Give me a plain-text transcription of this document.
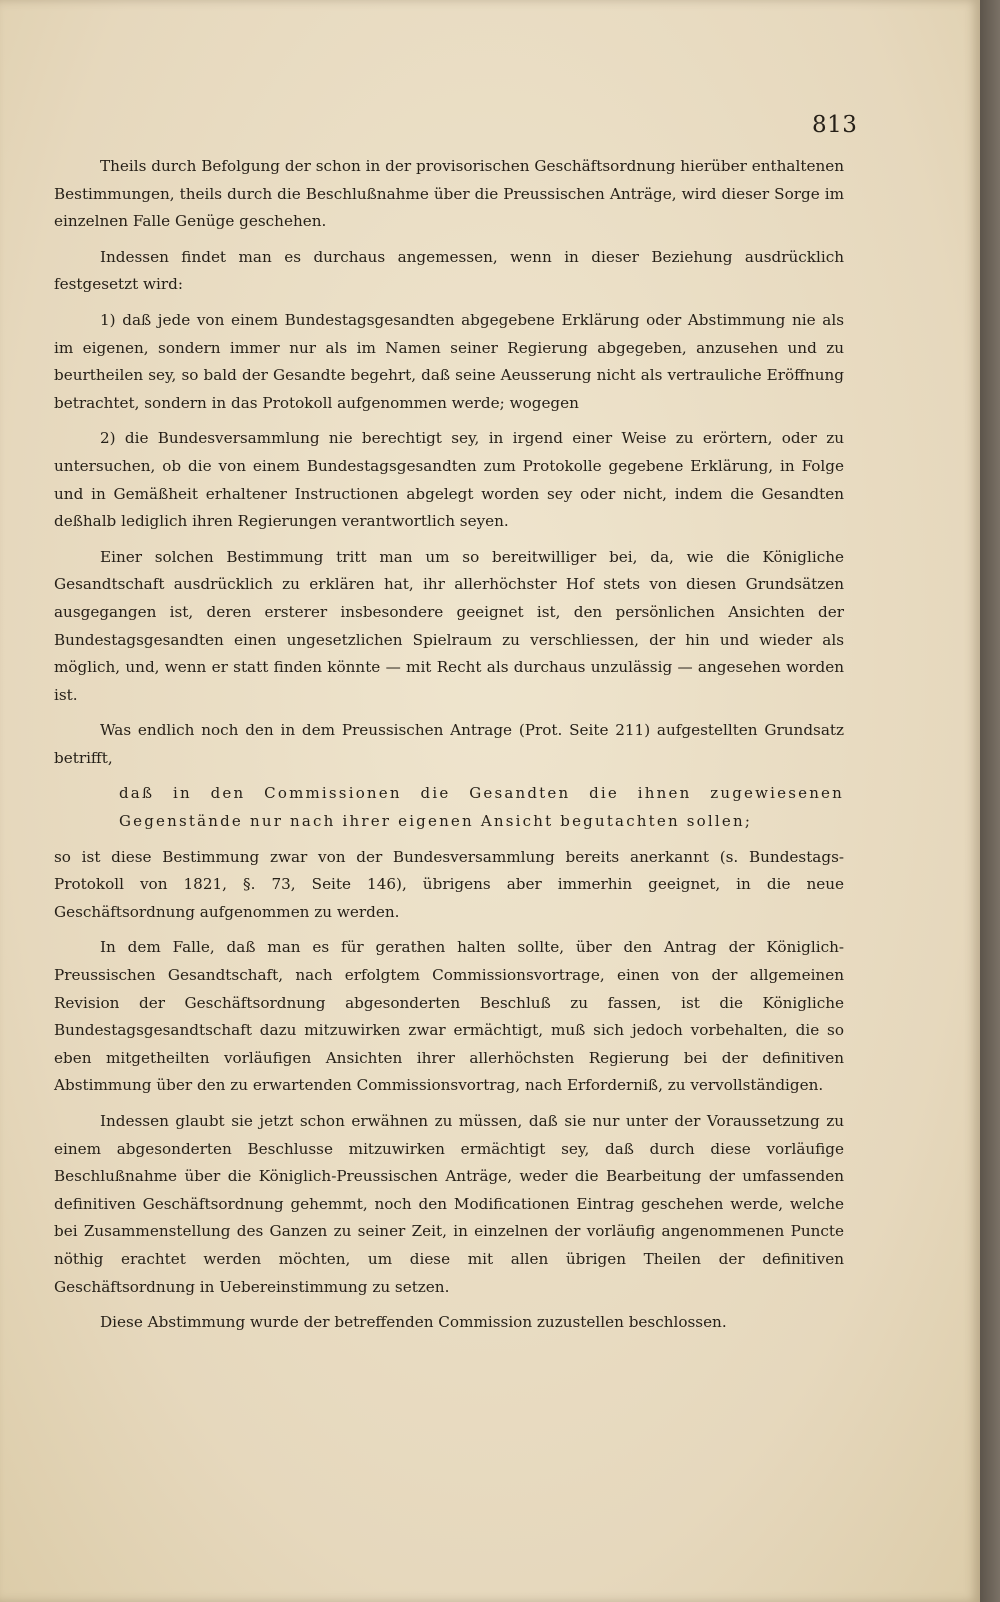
813

Theils durch Befolgung der schon in der provisorischen Geschäftsordnung hierüber enthaltenen Bestimmungen, theils durch die Beschlußnahme über die Preussischen Anträge, wird dieser Sorge im einzelnen Falle Genüge geschehen.

Indessen findet man es durchaus angemessen, wenn in dieser Beziehung ausdrücklich festgesetzt wird:

1) daß jede von einem Bundestagsgesandten abgegebene Erklärung oder Abstimmung nie als im eigenen, sondern immer nur als im Namen seiner Regierung abgegeben, anzusehen und zu beurtheilen sey, so bald der Gesandte begehrt, daß seine Aeusserung nicht als vertrauliche Eröffnung betrachtet, sondern in das Protokoll aufgenommen werde; wogegen

2) die Bundesversammlung nie berechtigt sey, in irgend einer Weise zu erörtern, oder zu untersuchen, ob die von einem Bundestagsgesandten zum Protokolle gegebene Erklärung, in Folge und in Gemäßheit erhaltener Instructionen abgelegt worden sey oder nicht, indem die Gesandten deßhalb lediglich ihren Regierungen verantwortlich seyen.

Einer solchen Bestimmung tritt man um so bereitwilliger bei, da, wie die Königliche Gesandtschaft ausdrücklich zu erklären hat, ihr allerhöchster Hof stets von diesen Grundsätzen ausgegangen ist, deren ersterer insbesondere geeignet ist, den persönlichen Ansichten der Bundestagsgesandten einen ungesetzlichen Spielraum zu verschliessen, der hin und wieder als möglich, und, wenn er statt finden könnte — mit Recht als durchaus unzulässig — angesehen worden ist.

Was endlich noch den in dem Preussischen Antrage (Prot. Seite 211) aufgestellten Grundsatz betrifft,

daß in den Commissionen die Gesandten die ihnen zugewiesenen Gegenstände nur nach ihrer eigenen Ansicht begutachten sollen;

so ist diese Bestimmung zwar von der Bundesversammlung bereits anerkannt (s. Bundestags-Protokoll von 1821, §. 73, Seite 146), übrigens aber immerhin geeignet, in die neue Geschäftsordnung aufgenommen zu werden.

In dem Falle, daß man es für gerathen halten sollte, über den Antrag der Königlich-Preussischen Gesandtschaft, nach erfolgtem Commissionsvortrage, einen von der allgemeinen Revision der Geschäftsordnung abgesonderten Beschluß zu fassen, ist die Königliche Bundestagsgesandtschaft dazu mitzuwirken zwar ermächtigt, muß sich jedoch vorbehalten, die so eben mitgetheilten vorläufigen Ansichten ihrer allerhöchsten Regierung bei der definitiven Abstimmung über den zu erwartenden Commissionsvortrag, nach Erforderniß, zu vervollständigen.

Indessen glaubt sie jetzt schon erwähnen zu müssen, daß sie nur unter der Voraussetzung zu einem abgesonderten Beschlusse mitzuwirken ermächtigt sey, daß durch diese vorläufige Beschlußnahme über die Königlich-Preussischen Anträge, weder die Bearbeitung der umfassenden definitiven Geschäftsordnung gehemmt, noch den Modificationen Eintrag geschehen werde, welche bei Zusammenstellung des Ganzen zu seiner Zeit, in einzelnen der vorläufig angenommenen Puncte nöthig erachtet werden möchten, um diese mit allen übrigen Theilen der definitiven Geschäftsordnung in Uebereinstimmung zu setzen.

Diese Abstimmung wurde der betreffenden Commission zuzustellen beschlossen.
